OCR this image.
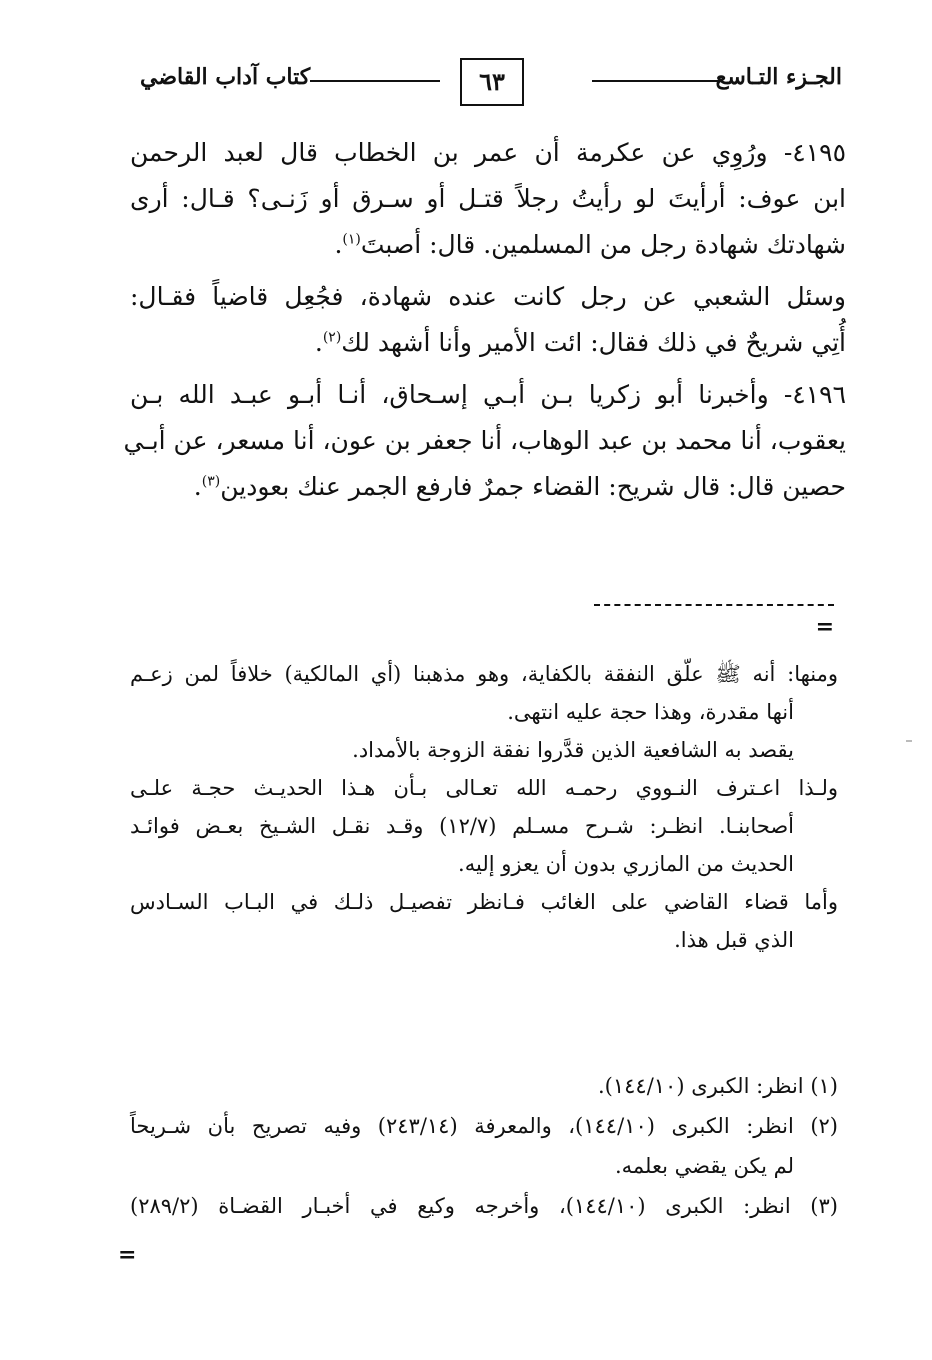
الجـزء التـاسع
٦٣
كتاب آداب القاضي

٤١٩٥- ورُوِي عن عكرمة أن عمر بن الخطاب قال لعبد الرحمن
ابن عوف: أرأيتَ لو رأيتُ رجلاً قتـل أو سـرق أو زَنـى؟ قـال: أرى
شهادتك شهادة رجل من المسلمين. قال: أصبتَ$^{(١)}$.

وسئل الشعبي عن رجل كانت عنده شهادة، فجُعِل قاضياً فقـال:
أُتِي شريحٌ في ذلك فقال: ائت الأمير وأنا أشهد لك$^{(٢)}$.

٤١٩٦- وأخبرنا أبو زكريا بـن أبـي إسـحاق، أنـا أبـو عبـد الله بـن
يعقوب، أنا محمد بن عبد الوهاب، أنا جعفر بن عون، أنا مسعر، عن أبـي
حصين قال: قال شريح: القضاء جمرٌ فارفع الجمر عنك بعودين$^{(٣)}$.

=
ومنها: أنه ﷺ علّق النفقة بالكفاية، وهو مذهبنا (أي المالكية) خلافاً لمن زعـم
أنها مقدرة، وهذا حجة عليه انتهى.
يقصد به الشافعية الذين قدَّروا نفقة الزوجة بالأمداد.
ولـذا اعـترف النـووي رحمـه الله تعـالى بـأن هـذا الحديـث حجـة علـى
أصحابنـا. انظـر: شـرح مسـلم (١٢/٧) وقـد نقـل الشـيخ بعـض فوائـد
الحديث من المازري بدون أن يعزو إليه.
وأما قضاء القاضي على الغائب فـانظر تفصيـل ذلـك في البـاب السـادس
الذي قبل هذا.
(١) انظر: الكبرى (١٤٤/١٠).
(٢) انظر: الكبرى (١٤٤/١٠)، والمعرفة (٢٤٣/١٤) وفيه تصريح بأن شـريحاً
لم يكن يقضي بعلمه.
(٣) انظر: الكبرى (١٤٤/١٠)، وأخرجه وكيع في أخبـار القضـاة (٢٨٩/٢)
=
